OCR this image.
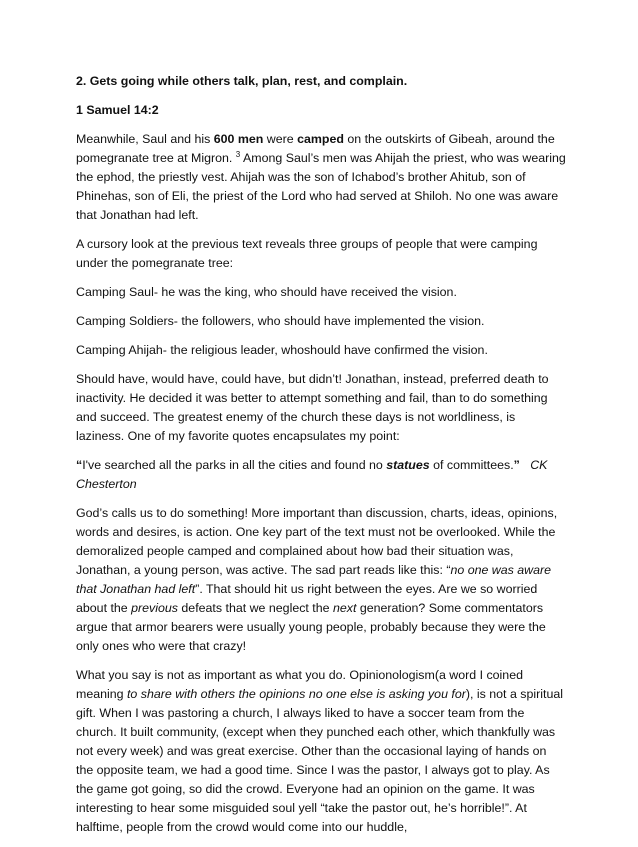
2. Gets going while others talk, plan, rest, and complain.

1 Samuel 14:2

Meanwhile, Saul and his 600 men were camped on the outskirts of Gibeah, around the pomegranate tree at Migron. $^3$ Among Saul’s men was Ahijah the priest, who was wearing the ephod, the priestly vest. Ahijah was the son of Ichabod’s brother Ahitub, son of Phinehas, son of Eli, the priest of the Lord who had served at Shiloh. No one was aware that Jonathan had left.

A cursory look at the previous text reveals three groups of people that were camping under the pomegranate tree:

Camping Saul- he was the king, who should have received the vision.

Camping Soldiers- the followers, who should have implemented the vision.

Camping Ahijah- the religious leader, whoshould have confirmed the vision.

Should have, would have, could have, but didn’t! Jonathan, instead, preferred death to inactivity. He decided it was better to attempt something and fail, than to do something and succeed. The greatest enemy of the church these days is not worldliness, is laziness. One of my favorite quotes encapsulates my point:

“I've searched all the parks in all the cities and found no statues of committees.” CK Chesterton

God’s calls us to do something! More important than discussion, charts, ideas, opinions, words and desires, is action. One key part of the text must not be overlooked. While the demoralized people camped and complained about how bad their situation was, Jonathan, a young person, was active. The sad part reads like this: “no one was aware that Jonathan had left”. That should hit us right between the eyes. Are we so worried about the previous defeats that we neglect the next generation? Some commentators argue that armor bearers were usually young people, probably because they were the only ones who were that crazy!

What you say is not as important as what you do. Opinionologism(a word I coined meaning to share with others the opinions no one else is asking you for), is not a spiritual gift. When I was pastoring a church, I always liked to have a soccer team from the church. It built community, (except when they punched each other, which thankfully was not every week) and was great exercise. Other than the occasional laying of hands on the opposite team, we had a good time. Since I was the pastor, I always got to play. As the game got going, so did the crowd. Everyone had an opinion on the game. It was interesting to hear some misguided soul yell “take the pastor out, he’s horrible!”. At halftime, people from the crowd would come into our huddle,
